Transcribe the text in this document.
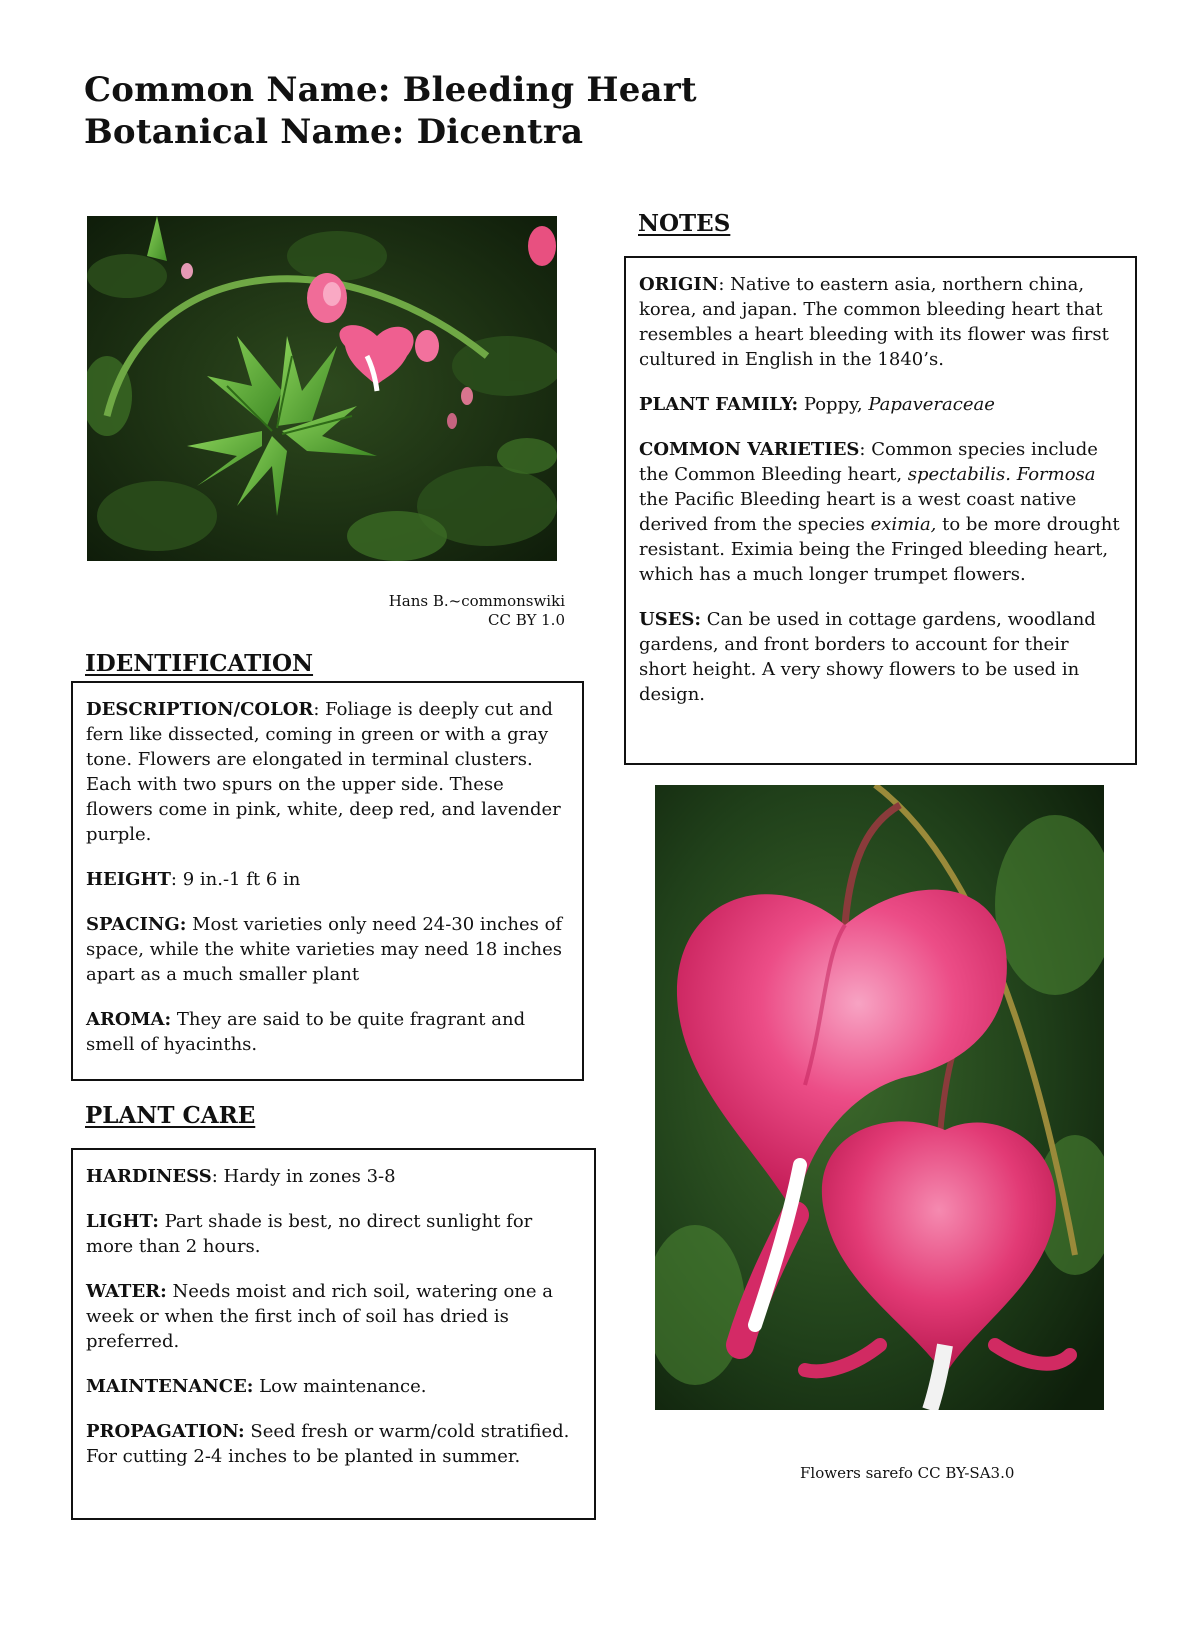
Common Name: Bleeding Heart
Botanical Name: Dicentra
Hans B.~commonswiki
CC BY 1.0
IDENTIFICATION

DESCRIPTION/COLOR: Foliage is deeply cut and fern like dissected, coming in green or with a gray tone. Flowers are elongated in terminal clusters. Each with two spurs on the upper side. These flowers come in pink, white, deep red, and lavender purple.

HEIGHT: 9 in.-1 ft 6 in

SPACING: Most varieties only need 24-30 inches of space, while the white varieties may need 18 inches apart as a much smaller plant

AROMA: They are said to be quite fragrant and smell of hyacinths.

PLANT CARE

HARDINESS: Hardy in zones 3-8

LIGHT: Part shade is best, no direct sunlight for more than 2 hours.

WATER: Needs moist and rich soil, watering one a week or when the first inch of soil has dried is preferred.

MAINTENANCE: Low maintenance.

PROPAGATION: Seed fresh or warm/cold stratified. For cutting 2-4 inches to be planted in summer.

NOTES

ORIGIN: Native to eastern asia, northern china, korea, and japan. The common bleeding heart that resembles a heart bleeding with its flower was first cultured in English in the 1840’s.

PLANT FAMILY: Poppy, Papaveraceae

COMMON VARIETIES: Common species include the Common Bleeding heart, spectabilis. Formosa the Pacific Bleeding heart is a west coast native derived from the species eximia, to be more drought resistant. Eximia being the Fringed bleeding heart, which has a much longer trumpet flowers.

USES: Can be used in cottage gardens, woodland gardens, and front borders to account for their short height. A very showy flowers to be used in design.

Flowers sarefo CC BY-SA3.0
